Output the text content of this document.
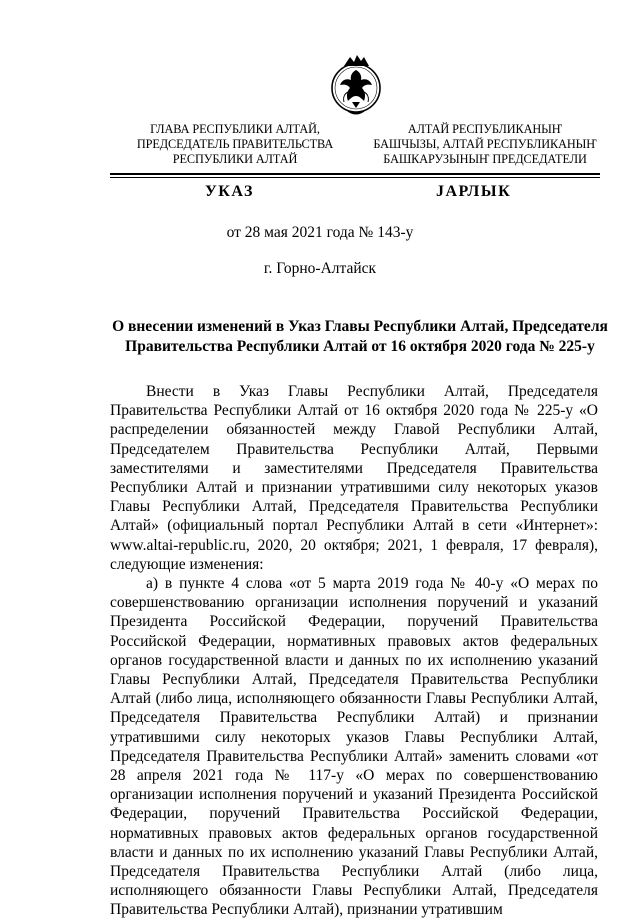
ГЛАВА РЕСПУБЛИКИ АЛТАЙ,
ПРЕДСЕДАТЕЛЬ ПРАВИТЕЛЬСТВА
РЕСПУБЛИКИ АЛТАЙ
АЛТАЙ РЕСПУБЛИКАНЫҤ
БАШЧЫЗЫ, АЛТАЙ РЕСПУБЛИКАНЫҤ
БАШКАРУЗЫНЫҤ ПРЕДСЕДАТЕЛИ
УКАЗ	ЈАРЛЫК
от 28 мая 2021 года № 143-у
г. Горно-Алтайск
О внесении изменений в Указ Главы Республики Алтай, Председателя
Правительства Республики Алтай от 16 октября 2020 года № 225-у

Внести в Указ Главы Республики Алтай, Председателя Правительства Республики Алтай от 16 октября 2020 года № 225-у «О распределении обязанностей между Главой Республики Алтай, Председателем Правительства Республики Алтай, Первыми заместителями и заместителями Председателя Правительства Республики Алтай и признании утратившими силу некоторых указов Главы Республики Алтай, Председателя Правительства Республики Алтай» (официальный портал Республики Алтай в сети «Интернет»: www.altai-republic.ru, 2020, 20 октября; 2021, 1 февраля, 17 февраля), следующие изменения:

а) в пункте 4 слова «от 5 марта 2019 года № 40-у «О мерах по совершенствованию организации исполнения поручений и указаний Президента Российской Федерации, поручений Правительства Российской Федерации, нормативных правовых актов федеральных органов государственной власти и данных по их исполнению указаний Главы Республики Алтай, Председателя Правительства Республики Алтай (либо лица, исполняющего обязанности Главы Республики Алтай, Председателя Правительства Республики Алтай) и признании утратившими силу некоторых указов Главы Республики Алтай, Председателя Правительства Республики Алтай» заменить словами «от 28 апреля 2021 года № 117-у «О мерах по совершенствованию организации исполнения поручений и указаний Президента Российской Федерации, поручений Правительства Российской Федерации, нормативных правовых актов федеральных органов государственной власти и данных по их исполнению указаний Главы Республики Алтай, Председателя Правительства Республики Алтай (либо лица, исполняющего обязанности Главы Республики Алтай, Председателя Правительства Республики Алтай), признании утратившим
